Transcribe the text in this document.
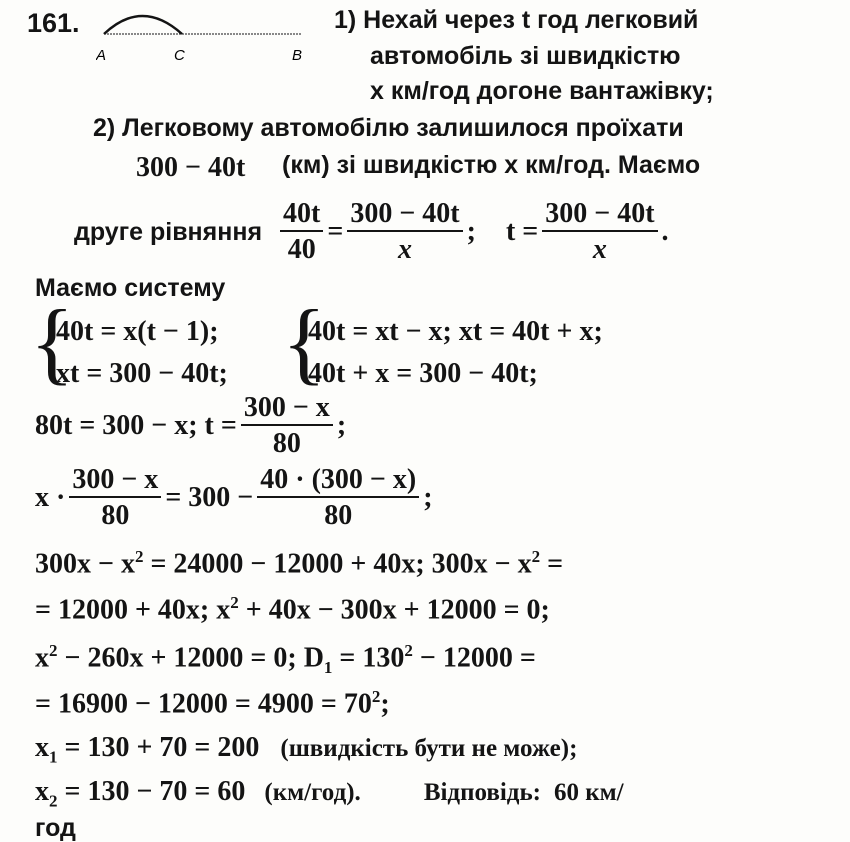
161.
A	C	B
1) Нехай через t год легковий
автомобіль зі швидкістю
x км/год догоне вантажівку;
2) Легковому автомобілю залишилося проїхати
300 − 40t (км) зі швидкістю x км/год. Маємо
друге рівняння $\frac{40t}{40} = \frac{300 - 40t}{x}$ ; $t = \frac{300 - 40t}{x}$ .
Маємо систему
{
40t = x(t − 1);
xt = 300 − 40t; {
40t = xt − x; xt = 40t + x;
40t + x = 300 − 40t;
80t = 300 − x; $t = \frac{300 - x}{80}$ ;
$x \cdot \frac{300 - x}{80} = 300 - \frac{40 \cdot (300 - x)}{80}$ ;
$300x - x^2 = 24000 - 12000 + 40x$; $300x - x^2$ =
= 12000 + 40x; $x^2 + 40x - 300x + 12000 = 0$;
$x^2 - 260x + 12000 = 0$; $D_1 = 130^2 - 12000$ =
= $16900 - 12000 = 4900 = 70^2$;
$x_1 = 130 + 70 = 200$ (швидкість бути не може);
$x_2 = 130 - 70 = 60$ (км/год).	Відповідь: 60 км/
год
